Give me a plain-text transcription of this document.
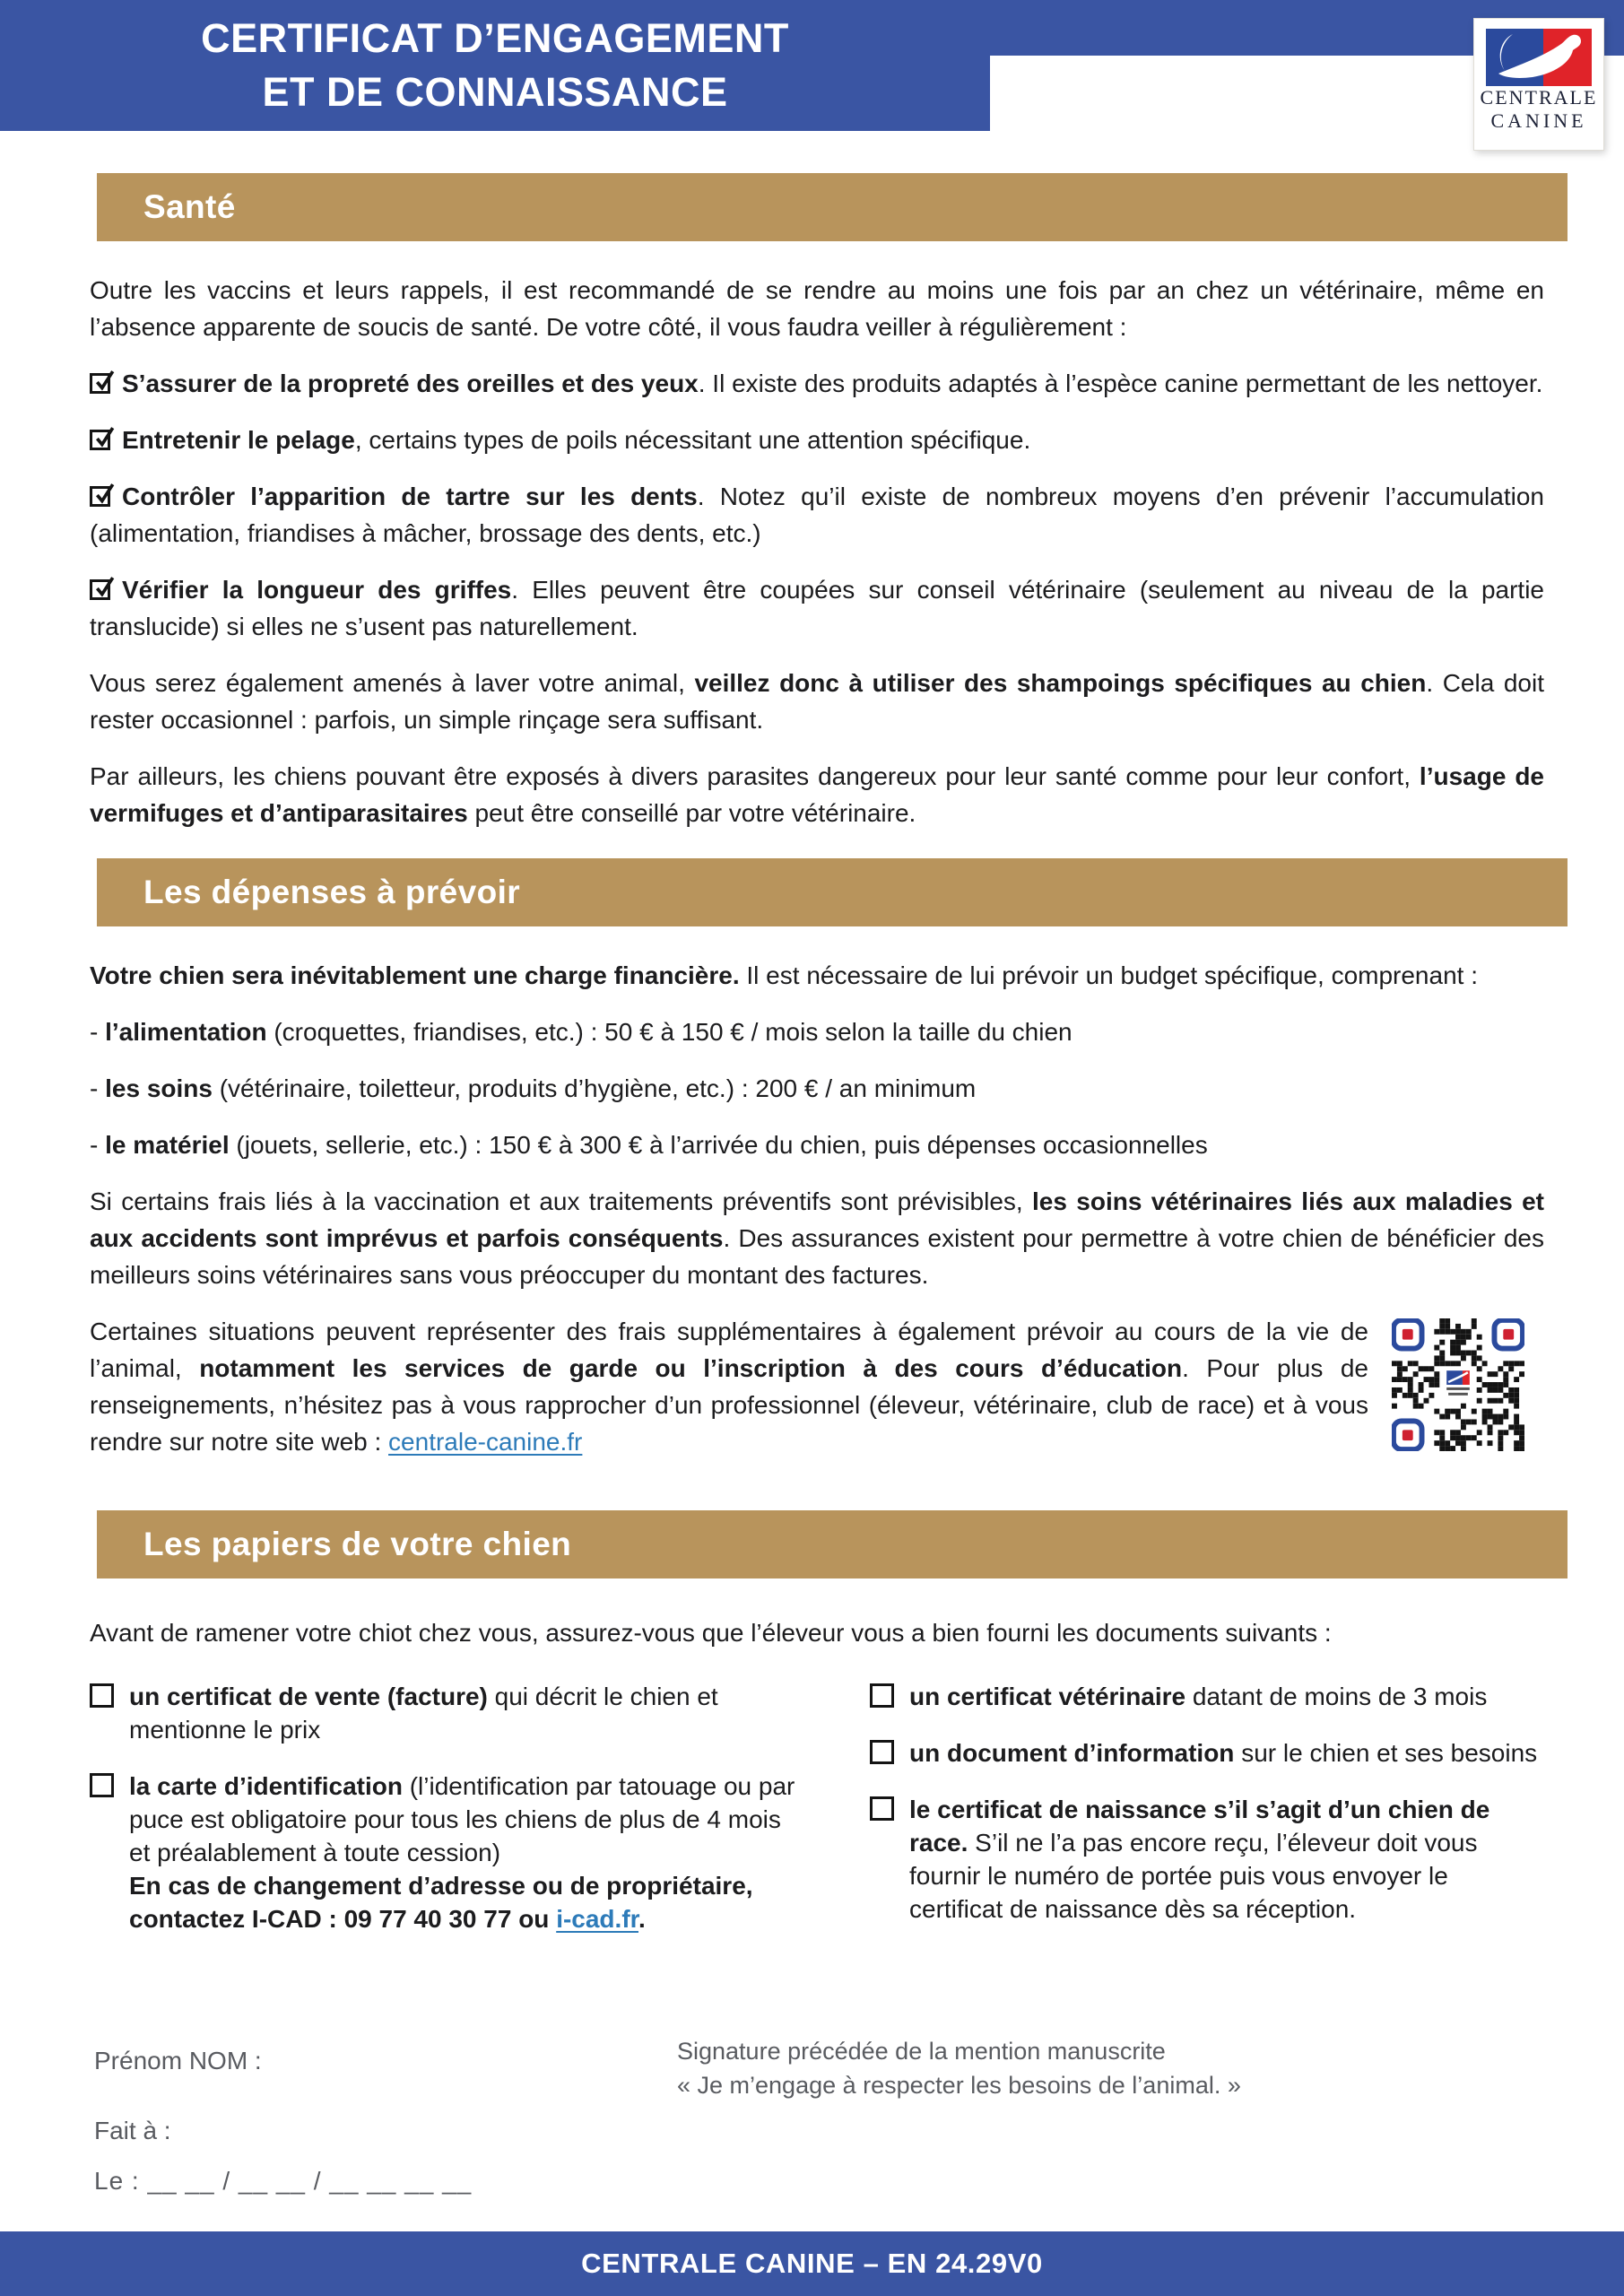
CERTIFICAT D’ENGAGEMENT
ET DE CONNAISSANCE	CENTRALE
CANINE
Santé

Outre les vaccins et leurs rappels, il est recommandé de se rendre au moins une fois par an chez un vétérinaire, même en l’absence apparente de soucis de santé. De votre côté, il vous faudra veiller à régulièrement :

S’assurer de la propreté des oreilles et des yeux. Il existe des produits adaptés à l’espèce canine permettant de les nettoyer.

Entretenir le pelage, certains types de poils nécessitant une attention spécifique.

Contrôler l’apparition de tartre sur les dents. Notez qu’il existe de nombreux moyens d’en prévenir l’accumulation (alimentation, friandises à mâcher, brossage des dents, etc.)

Vérifier la longueur des griffes. Elles peuvent être coupées sur conseil vétérinaire (seulement au niveau de la partie translucide) si elles ne s’usent pas naturellement.

Vous serez également amenés à laver votre animal, veillez donc à utiliser des shampoings spécifiques au chien. Cela doit rester occasionnel : parfois, un simple rinçage sera suffisant.

Par ailleurs, les chiens pouvant être exposés à divers parasites dangereux pour leur santé comme pour leur confort, l’usage de vermifuges et d’antiparasitaires peut être conseillé par votre vétérinaire.

Les dépenses à prévoir

Votre chien sera inévitablement une charge financière. Il est nécessaire de lui prévoir un budget spécifique, comprenant :

- l’alimentation (croquettes, friandises, etc.) : 50 € à 150 € / mois selon la taille du chien

- les soins (vétérinaire, toiletteur, produits d’hygiène, etc.) : 200 € / an minimum

- le matériel (jouets, sellerie, etc.) : 150 € à 300 € à l’arrivée du chien, puis dépenses occasionnelles

Si certains frais liés à la vaccination et aux traitements préventifs sont prévisibles, les soins vétérinaires liés aux maladies et aux accidents sont imprévus et parfois conséquents. Des assurances existent pour permettre à votre chien de bénéficier des meilleurs soins vétérinaires sans vous préoccuper du montant des factures.

Certaines situations peuvent représenter des frais supplémentaires à également prévoir au cours de la vie de l’animal, notamment les services de garde ou l’inscription à des cours d’éducation. Pour plus de renseignements, n’hésitez pas à vous rapprocher d’un professionnel (éleveur, vétérinaire, club de race) et à vous rendre sur notre site web : centrale-canine.fr

Les papiers de votre chien

Avant de ramener votre chiot chez vous, assurez-vous que l’éleveur vous a bien fourni les documents suivants :

un certificat de vente (facture) qui décrit le chien et mentionne le prix
la carte d’identification (l’identification par tatouage ou par puce est obligatoire pour tous les chiens de plus de 4 mois et préalablement à toute cession)
En cas de changement d’adresse ou de propriétaire, contactez I-CAD : 09 77 40 30 77 ou i-cad.fr.
un certificat vétérinaire datant de moins de 3 mois
un document d’information sur le chien et ses besoins
le certificat de naissance s’il s’agit d’un chien de race. S’il ne l’a pas encore reçu, l’éleveur doit vous fournir le numéro de portée puis vous envoyer le certificat de naissance dès sa réception.
Prénom NOM :
Fait à :
Le : __ __ / __ __ / __ __ __ __
Signature précédée de la mention manuscrite
« Je m’engage à respecter les besoins de l’animal. »
CENTRALE CANINE – EN 24.29V0
